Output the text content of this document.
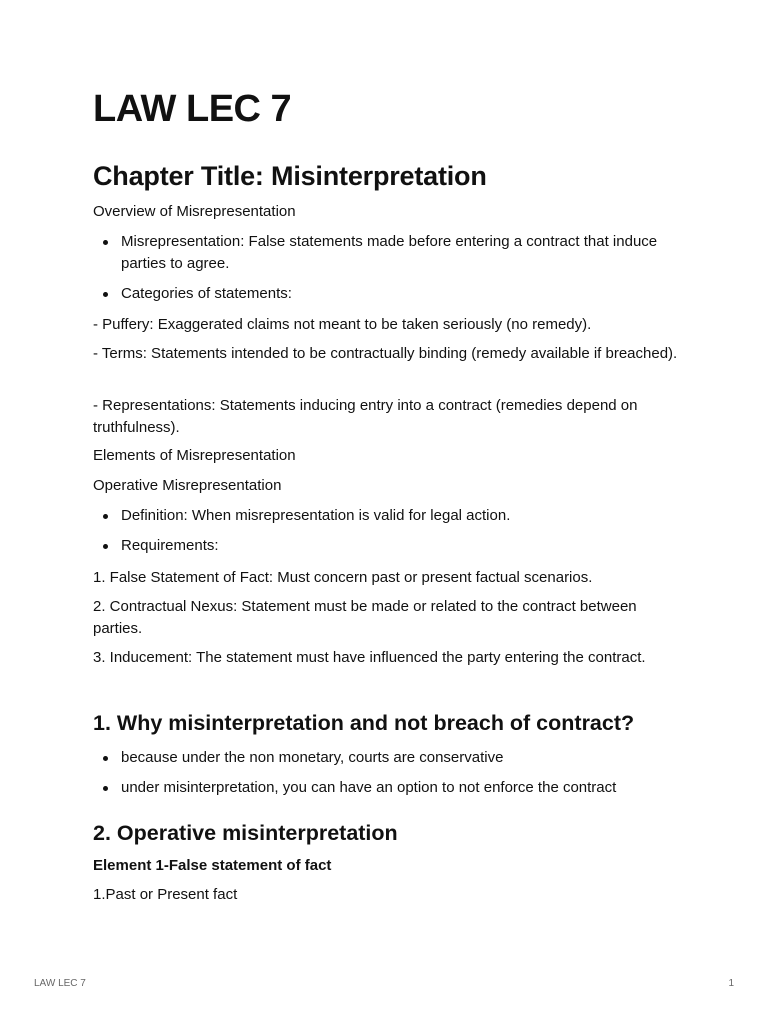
LAW LEC 7
Chapter Title: Misinterpretation

Overview of Misrepresentation

Misrepresentation: False statements made before entering a contract that induce parties to agree.
Categories of statements:

- Puffery: Exaggerated claims not meant to be taken seriously (no remedy).

- Terms: Statements intended to be contractually binding (remedy available if breached).

- Representations: Statements inducing entry into a contract (remedies depend on truthfulness).

Elements of Misrepresentation

Operative Misrepresentation

Definition: When misrepresentation is valid for legal action.
Requirements:

1. False Statement of Fact: Must concern past or present factual scenarios.

2. Contractual Nexus: Statement must be made or related to the contract between parties.

3. Inducement: The statement must have influenced the party entering the contract.

1. Why misinterpretation and not breach of contract?
because under the non monetary, courts are conservative
under misinterpretation, you can have an option to not enforce the contract
2. Operative misinterpretation

Element 1-False statement of fact

1.Past or Present fact

LAW LEC 7	1
